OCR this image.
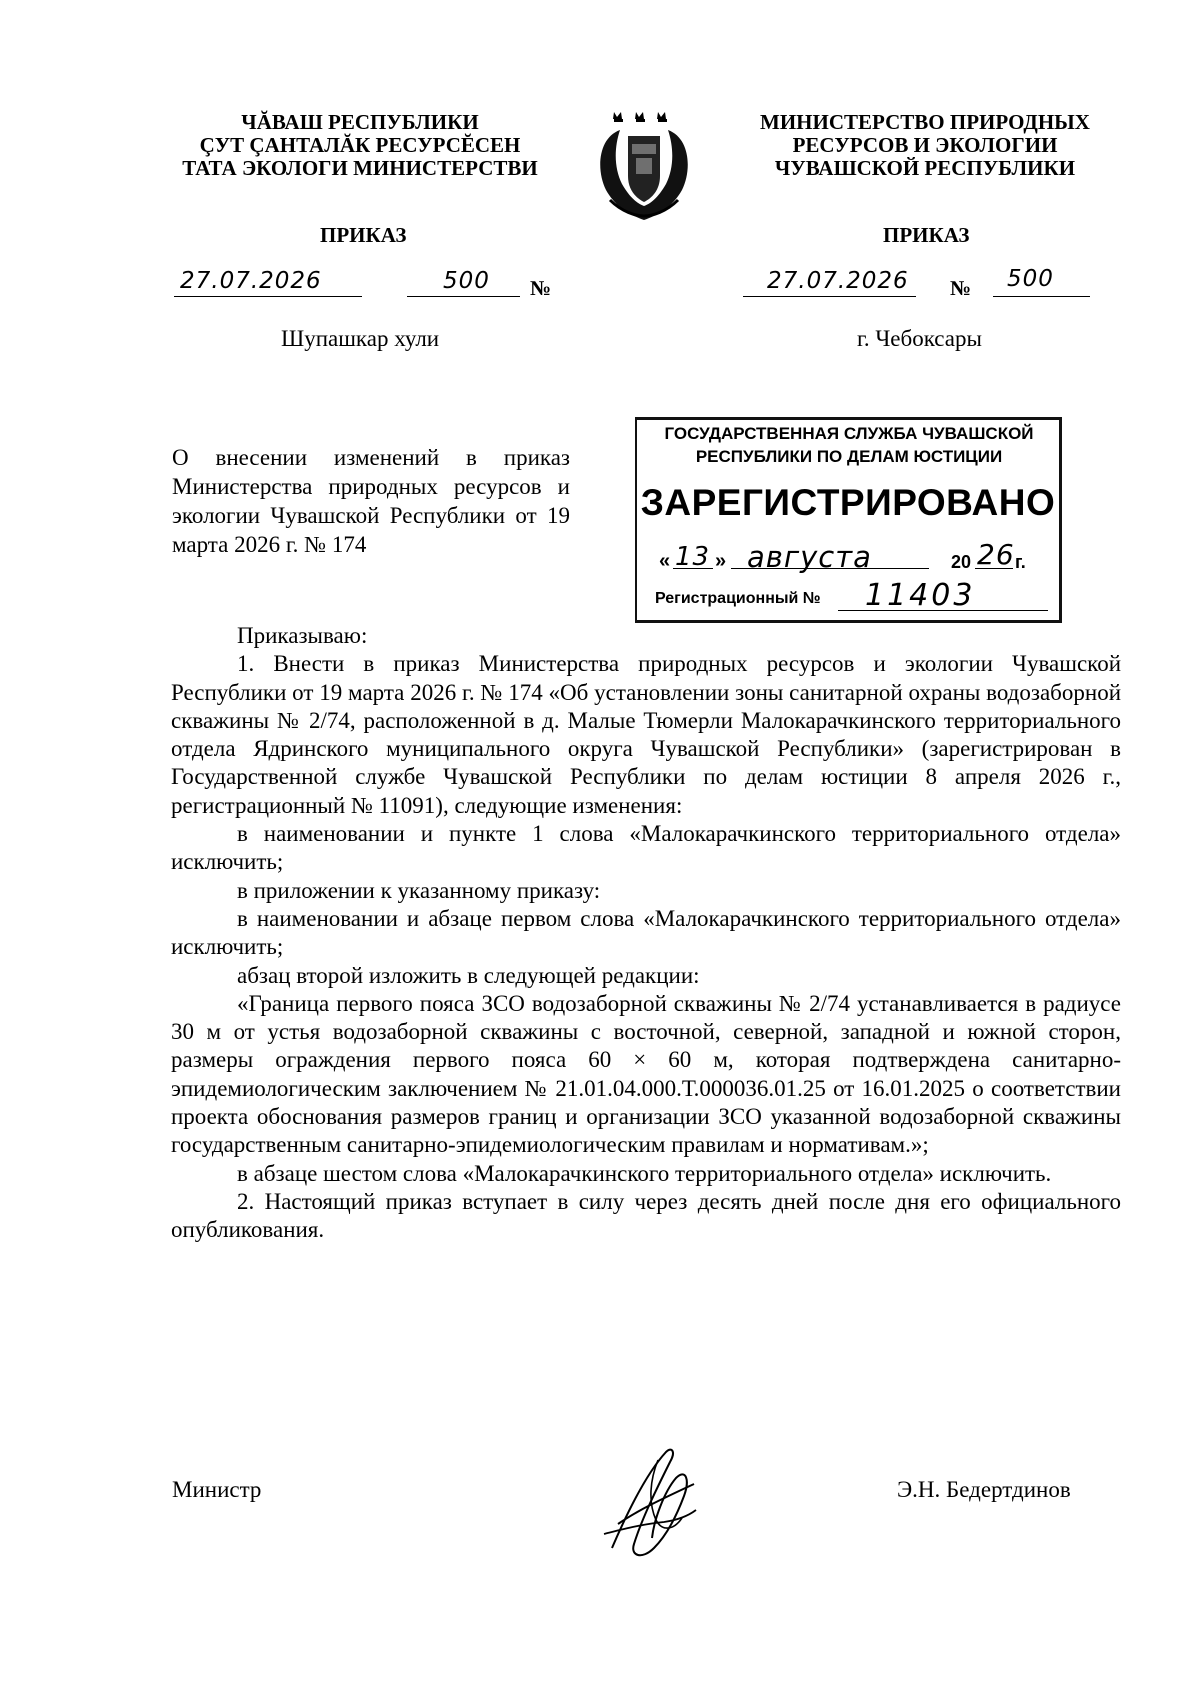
ЧĂВАШ РЕСПУБЛИКИ
ÇУТ ÇАНТАЛĂК РЕСУРСĔСЕН
ТАТА ЭКОЛОГИ МИНИСТЕРСТВИ
МИНИСТЕРСТВО ПРИРОДНЫХ
РЕСУРСОВ И ЭКОЛОГИИ
ЧУВАШСКОЙ РЕСПУБЛИКИ
ПРИКАЗ	ПРИКАЗ
27.07.2026	500 №	27.07.2026 № 500
Шупашкар хули	г. Чебоксары
О внесении изменений в приказ Министерства природных ресурсов и экологии Чувашской Республики от 19 марта 2026 г. № 174
ГОСУДАРСТВЕННАЯ СЛУЖБА ЧУВАШСКОЙ
РЕСПУБЛИКИ ПО ДЕЛАМ ЮСТИЦИИ
ЗАРЕГИСТРИРОВАНО
« 13 » августа	20 26 г.
Регистрационный № 11403

Приказываю:

1. Внести в приказ Министерства природных ресурсов и экологии Чувашской Республики от 19 марта 2026 г. № 174 «Об установлении зоны санитарной охраны водозаборной скважины № 2/74, расположенной в д. Малые Тюмерли Малокарачкинского территориального отдела Ядринского муниципального округа Чувашской Республики» (зарегистрирован в Государственной службе Чувашской Республики по делам юстиции 8 апреля 2026 г., регистрационный № 11091), следующие изменения:

в наименовании и пункте 1 слова «Малокарачкинского территориального отдела» исключить;

в приложении к указанному приказу:

в наименовании и абзаце первом слова «Малокарачкинского территориального отдела» исключить;

абзац второй изложить в следующей редакции:

«Граница первого пояса ЗСО водозаборной скважины № 2/74 устанавливается в радиусе 30 м от устья водозаборной скважины с восточной, северной, западной и южной сторон, размеры ограждения первого пояса 60 × 60 м, которая подтверждена санитарно-эпидемиологическим заключением № 21.01.04.000.Т.000036.01.25 от 16.01.2025 о соответствии проекта обоснования размеров границ и организации ЗСО указанной водозаборной скважины государственным санитарно-эпидемиологическим правилам и нормативам.»;

в абзаце шестом слова «Малокарачкинского территориального отдела» исключить.

2. Настоящий приказ вступает в силу через десять дней после дня его официального опубликования.

Министр	Э.Н. Бедертдинов
